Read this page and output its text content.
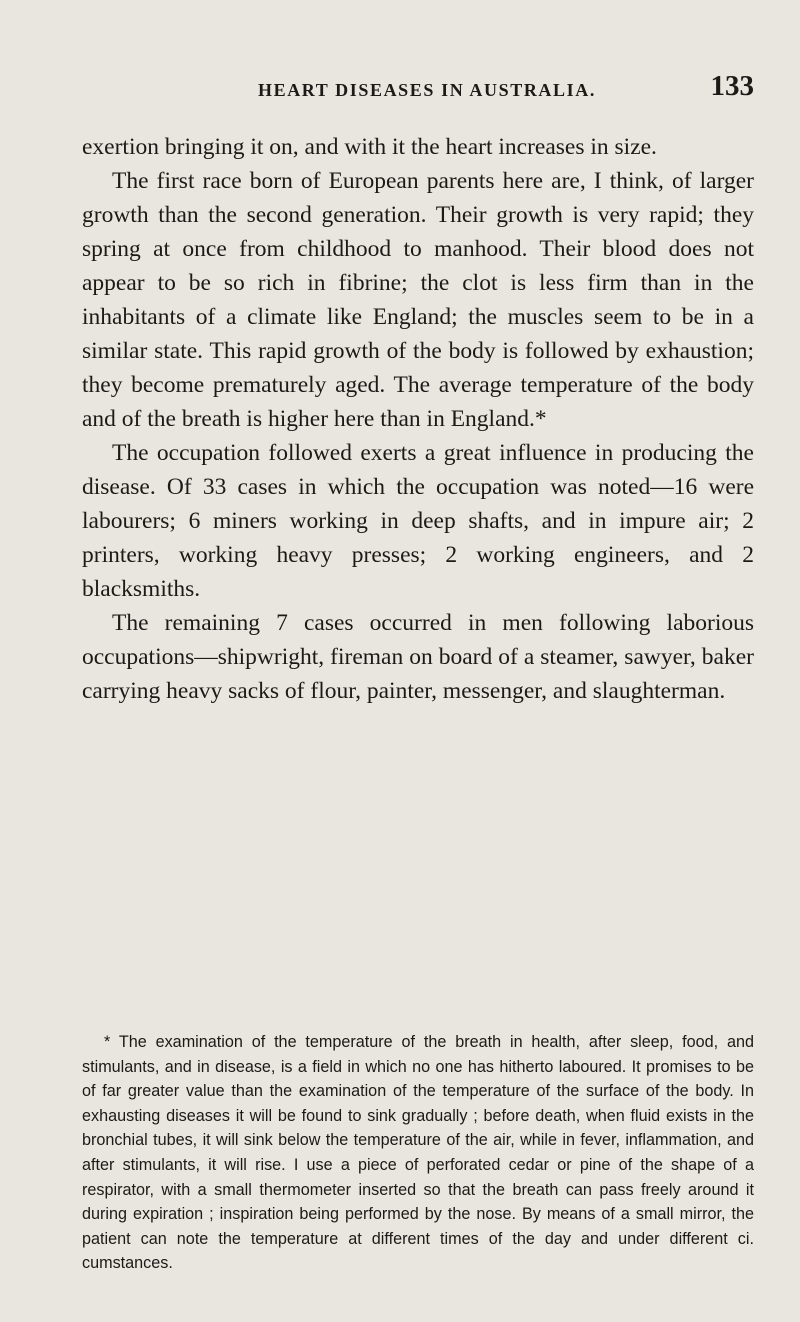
HEART DISEASES IN AUSTRALIA.	133

exertion bringing it on, and with it the heart increases in size.

The first race born of European parents here are, I think, of larger growth than the second generation. Their growth is very rapid; they spring at once from childhood to manhood. Their blood does not appear to be so rich in fibrine; the clot is less firm than in the inhabitants of a climate like England; the muscles seem to be in a similar state. This rapid growth of the body is followed by exhaustion; they become prematurely aged. The average temperature of the body and of the breath is higher here than in England.*

The occupation followed exerts a great influence in producing the disease. Of 33 cases in which the occupation was noted—16 were labourers; 6 miners working in deep shafts, and in impure air; 2 printers, working heavy presses; 2 working engineers, and 2 blacksmiths.

The remaining 7 cases occurred in men following laborious occupations—shipwright, fireman on board of a steamer, sawyer, baker carrying heavy sacks of flour, painter, messenger, and slaughterman.

* The examination of the temperature of the breath in health, after sleep, food, and stimulants, and in disease, is a field in which no one has hitherto laboured. It promises to be of far greater value than the examination of the temperature of the surface of the body. In exhausting diseases it will be found to sink gradually ; before death, when fluid exists in the bronchial tubes, it will sink below the temperature of the air, while in fever, inflammation, and after stimulants, it will rise. I use a piece of perforated cedar or pine of the shape of a respirator, with a small thermometer inserted so that the breath can pass freely around it during expiration ; inspiration being performed by the nose. By means of a small mirror, the patient can note the temperature at different times of the day and under different ci. cumstances.
